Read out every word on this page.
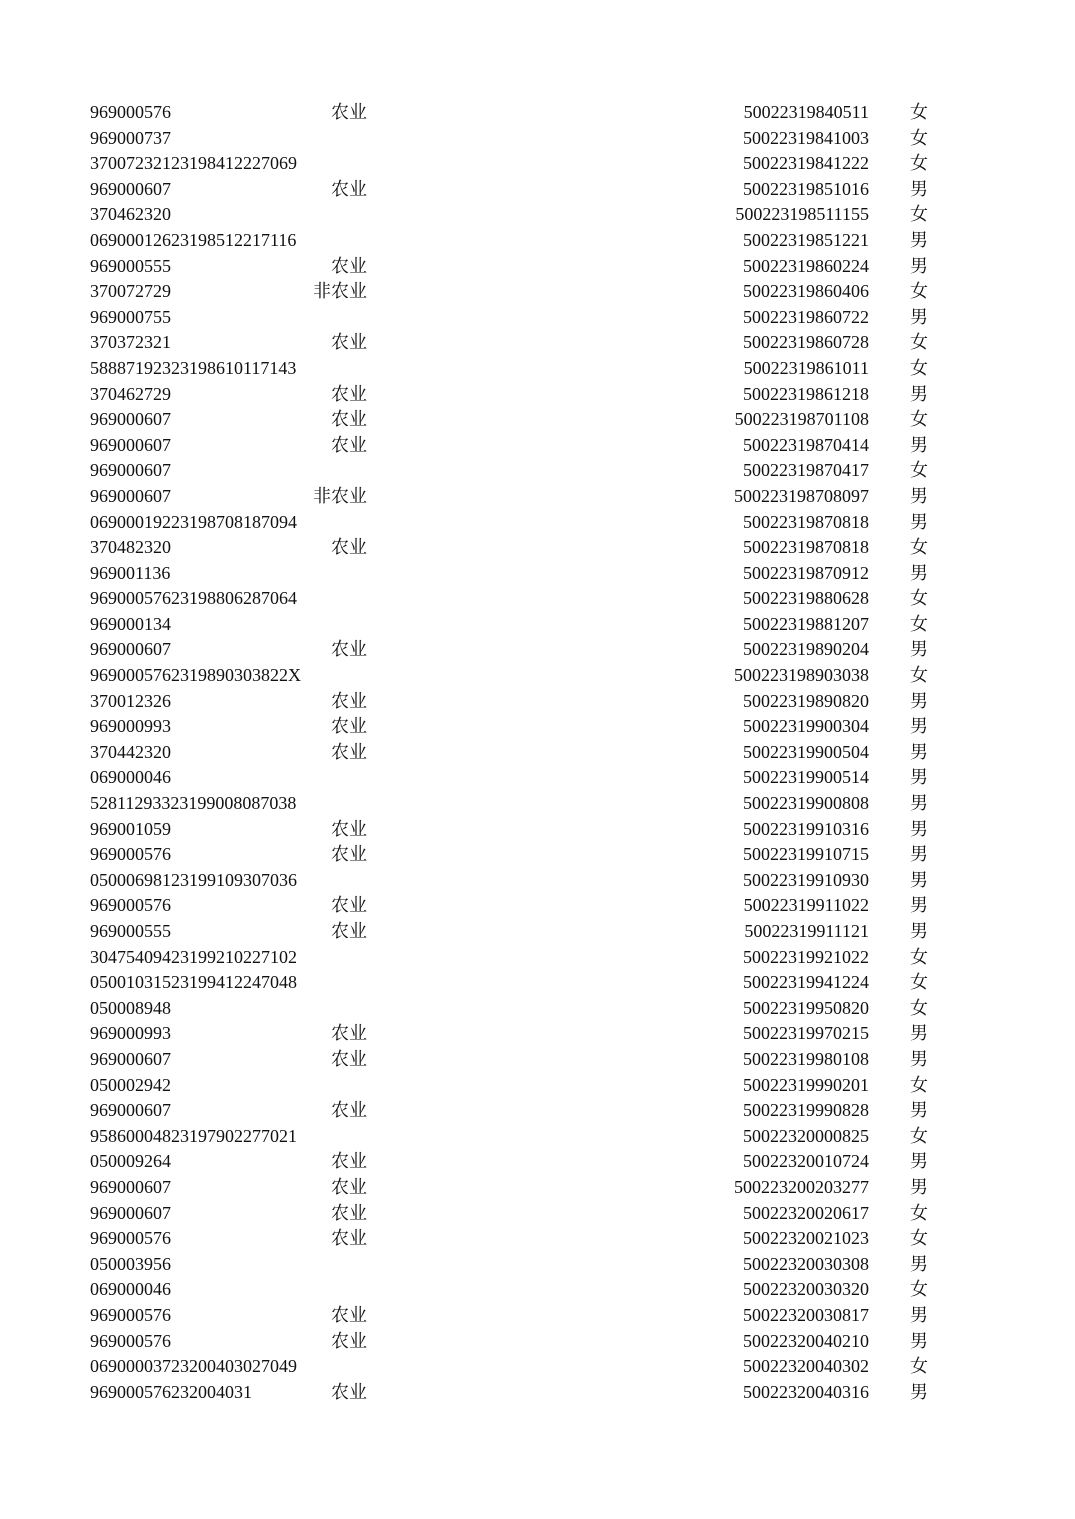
969000576	农业	50022319840511 女
969000737	50022319841003 女
370072321​23198412227069	50022319841222 女
969000607	农业	50022319851016 男
370462320	500223198511155 女
069000126​23198512217116	50022319851221 男
969000555	农业	50022319860224 男
370072729	非农业	50022319860406 女
969000755	50022319860722 男
370372321	农业	50022319860728 女
588871923​23198610117143	50022319861011 女
370462729	农业	50022319861218 男
969000607	农业	500223198701108 女
969000607	农业	50022319870414 男
969000607	50022319870417 女
969000607	非农业	500223198708097 男
069000192​23198708187094	50022319870818 男
370482320	农业	50022319870818 女
969001136	50022319870912 男
969000576​23198806287064	50022319880628 女
969000134	50022319881207 女
969000607	农业	50022319890204 男
969000576​2319890303822X	500223198903038 女
370012326	农业	50022319890820 男
969000993	农业	50022319900304 男
370442320	农业	50022319900504 男
069000046	50022319900514 男
528112933​23199008087038	50022319900808 男
969001059	农业	50022319910316 男
969000576	农业	50022319910715 男
050006981​23199109307036	50022319910930 男
969000576	农业	50022319911022 男
969000555	农业	50022319911121 男
304754094​23199210227102	50022319921022 女
050010315​23199412247048	50022319941224 女
050008948	50022319950820 女
969000993	农业	50022319970215 男
969000607	农业	50022319980108 男
050002942	50022319990201 女
969000607	农业	50022319990828 男
958600048​23197902277021	50022320000825 女
050009264	农业	50022320010724 男
969000607	农业	500223200203277 男
969000607	农业	50022320020617 女
969000576	农业	50022320021023 女
050003956	50022320030308 男
069000046	50022320030320 女
969000576	农业	50022320030817 男
969000576	农业	50022320040210 男
069000037​23200403027049	50022320040302 女
969000576​232004031	农业	50022320040316 男
